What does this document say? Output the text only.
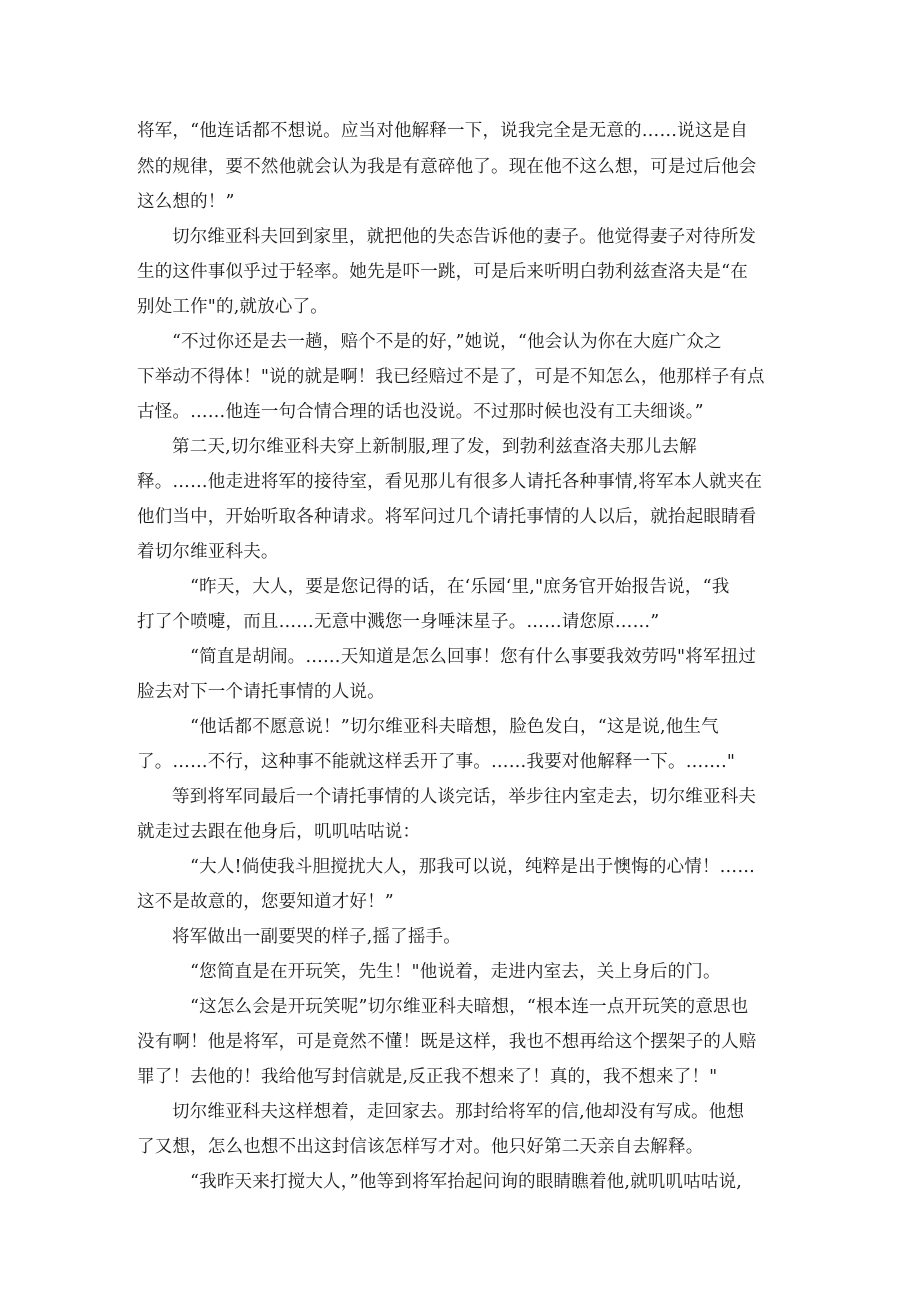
将军，“他连话都不想说。应当对他解释一下，说我完全是无意的……说这是自
然的规律，要不然他就会认为我是有意碎他了。现在他不这么想，可是过后他会
这么想的！”
切尔维亚科夫回到家里，就把他的失态告诉他的妻子。他觉得妻子对待所发
生的这件事似乎过于轻率。她先是吓一跳，可是后来听明白勃利兹查洛夫是“在
别处工作"的,就放心了。
“不过你还是去一趟，赔个不是的好，”她说，“他会认为你在大庭广众之
下举动不得体！"说的就是啊！我已经赔过不是了，可是不知怎么，他那样子有点
古怪。……他连一句合情合理的话也没说。不过那时候也没有工夫细谈。”
第二天,切尔维亚科夫穿上新制服,理了发，到勃利兹查洛夫那儿去解
释。……他走进将军的接待室，看见那儿有很多人请托各种事情,将军本人就夹在
他们当中，开始听取各种请求。将军问过几个请托事情的人以后，就抬起眼睛看
着切尔维亚科夫。
“昨天，大人，要是您记得的话，在‘乐园‘里,"庶务官开始报告说，“我
打了个喷嚏，而且……无意中溅您一身唾沫星子。……请您原……”
“简直是胡闹。……天知道是怎么回事！您有什么事要我效劳吗"将军扭过
脸去对下一个请托事情的人说。
“他话都不愿意说！”切尔维亚科夫暗想，脸色发白，“这是说,他生气
了。……不行，这种事不能就这样丢开了事。……我要对他解释一下。……."
等到将军同最后一个请托事情的人谈完话，举步往内室走去，切尔维亚科夫
就走过去跟在他身后，叽叽咕咕说：
“大人!倘使我斗胆搅扰大人，那我可以说，纯粹是出于懊悔的心情！……
这不是故意的，您要知道才好！”
将军做出一副要哭的样子,摇了摇手。
“您简直是在开玩笑，先生！"他说着，走进内室去，关上身后的门。
“这怎么会是开玩笑呢”切尔维亚科夫暗想，“根本连一点开玩笑的意思也
没有啊！他是将军，可是竟然不懂！既是这样，我也不想再给这个摆架子的人赔
罪了！去他的！我给他写封信就是,反正我不想来了！真的，我不想来了！"
切尔维亚科夫这样想着，走回家去。那封给将军的信,他却没有写成。他想
了又想，怎么也想不出这封信该怎样写才对。他只好第二天亲自去解释。
“我昨天来打搅大人，”他等到将军抬起问询的眼睛瞧着他,就叽叽咕咕说,
